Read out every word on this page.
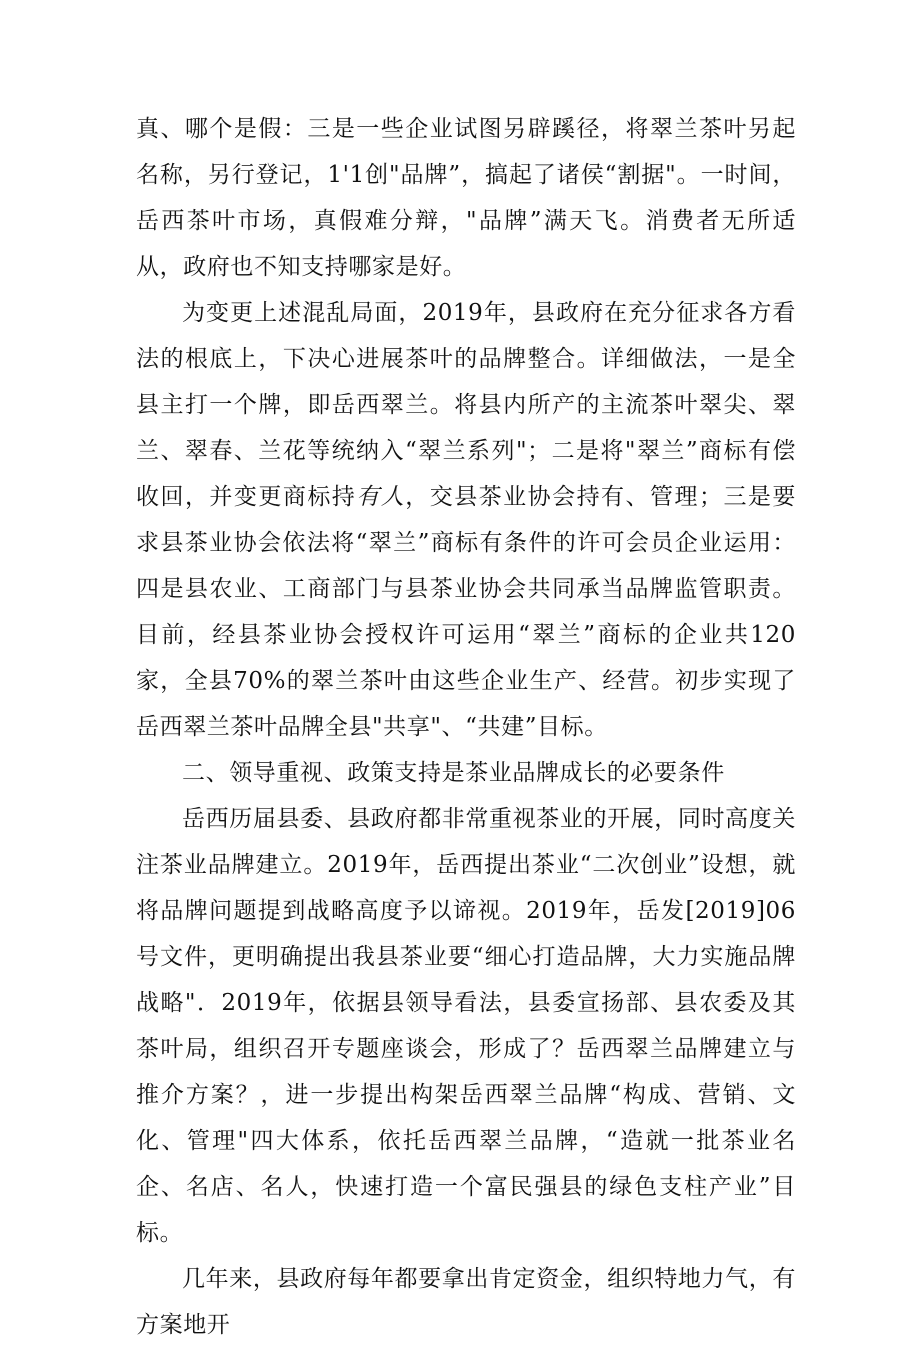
真、哪个是假：三是一些企业试图另辟蹊径，将翠兰茶叶另起名称，另行登记，1'1创"品牌”，搞起了诸侯“割据"。一时间，岳西茶叶市场，真假难分辩，"品牌”满天飞。消费者无所适从，政府也不知支持哪家是好。

为变更上述混乱局面，2019年，县政府在充分征求各方看法的根底上，下决心进展茶叶的品牌整合。详细做法，一是全县主打一个牌，即岳西翠兰。将县内所产的主流茶叶翠尖、翠兰、翠春、兰花等统纳入“翠兰系列"；二是将"翠兰”商标有偿收回，并变更商标持有人，交县茶业协会持有、管理；三是要求县茶业协会依法将“翠兰”商标有条件的许可会员企业运用：四是县农业、工商部门与县茶业协会共同承当品牌监管职责。目前，经县茶业协会授权许可运用“翠兰”商标的企业共120家，全县70%的翠兰茶叶由这些企业生产、经营。初步实现了岳西翠兰茶叶品牌全县"共享"、“共建”目标。

二、领导重视、政策支持是茶业品牌成长的必要条件

岳西历届县委、县政府都非常重视茶业的开展，同时高度关注茶业品牌建立。2019年，岳西提出茶业“二次创业”设想，就将品牌问题提到战略高度予以谛视。2019年，岳发[2019]06号文件，更明确提出我县茶业要“细心打造品牌，大力实施品牌战略"．2019年，依据县领导看法，县委宣扬部、县农委及其茶叶局，组织召开专题座谈会，形成了？岳西翠兰品牌建立与推介方案？，进一步提出构架岳西翠兰品牌“构成、营销、文化、管理"四大体系，依托岳西翠兰品牌，“造就一批茶业名企、名店、名人，快速打造一个富民强县的绿色支柱产业”目标。

几年来，县政府每年都要拿出肯定资金，组织特地力气，有方案地开
